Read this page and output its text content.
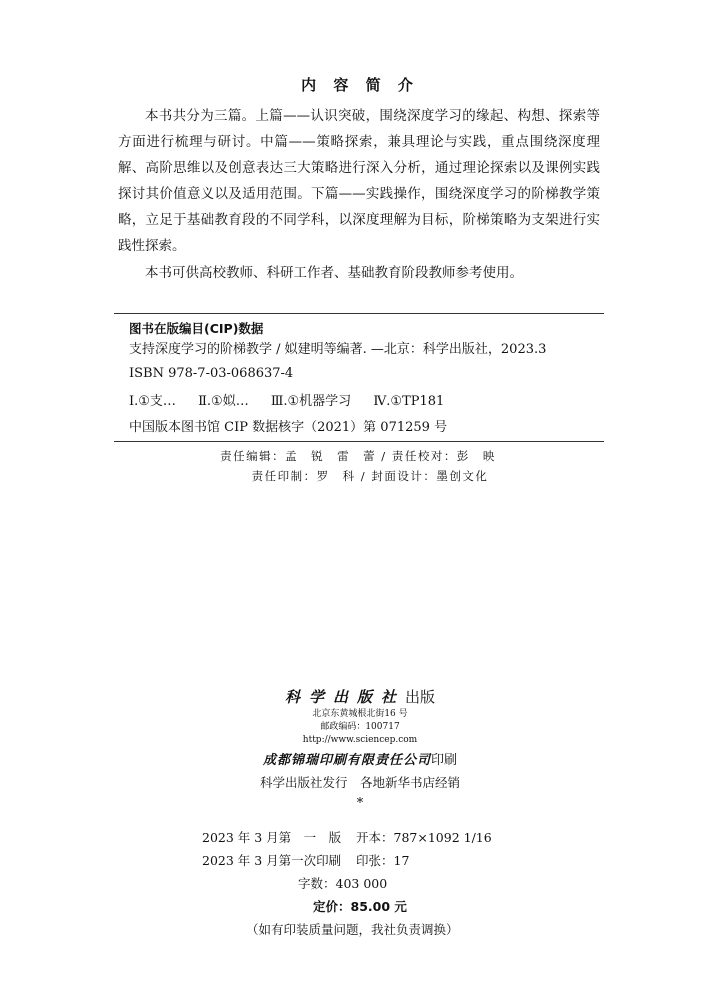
内 容 简 介

本书共分为三篇。上篇——认识突破，围绕深度学习的缘起、构想、探索等方面进行梳理与研讨。中篇——策略探索，兼具理论与实践，重点围绕深度理解、高阶思维以及创意表达三大策略进行深入分析，通过理论探索以及课例实践探讨其价值意义以及适用范围。下篇——实践操作，围绕深度学习的阶梯教学策略，立足于基础教育段的不同学科，以深度理解为目标，阶梯策略为支架进行实践性探索。

本书可供高校教师、科研工作者、基础教育阶段教师参考使用。

图书在版编目(CIP)数据
支持深度学习的阶梯教学 / 姒建明等编著. —北京：科学出版社，2023.3
ISBN 978-7-03-068637-4
Ⅰ.①支… Ⅱ.①姒… Ⅲ.①机器学习 Ⅳ.①TP181
中国版本图书馆 CIP 数据核字（2021）第 071259 号
责任编辑：孟　锐　雷　蕾 / 责任校对：彭　映
责任印制：罗　科 / 封面设计：墨创文化
科学出版社出版
北京东黄城根北街16 号
邮政编码：100717
http://www.sciencep.com
成都锦瑞印刷有限责任公司印刷
科学出版社发行　各地新华书店经销
*
2023 年 3 月第　一　版 开本：787×1092 1/16
2023 年 3 月第一次印刷 印张：17
字数：403 000
定价：85.00 元
（如有印装质量问题，我社负责调换）
